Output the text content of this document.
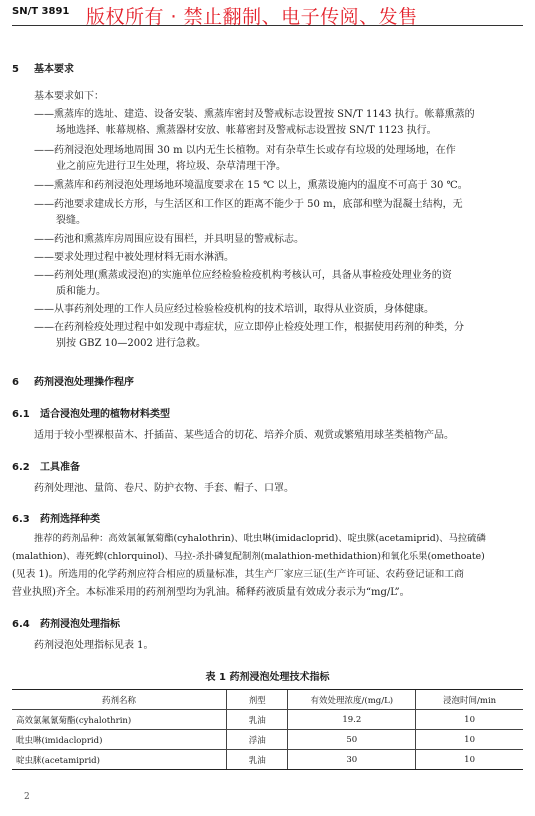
SN/T 3891 版权所有 · 禁止翻制、电子传阅、发售
5 基本要求
基本要求如下：
——熏蒸库的选址、建造、设备安装、熏蒸库密封及警戒标志设置按 SN/T 1143 执行。帐幕熏蒸的
场地选择、帐幕规格、熏蒸器材安放、帐幕密封及警戒标志设置按 SN/T 1123 执行。
——药剂浸泡处理场地周围 30 m 以内无生长植物。对有杂草生长或存有垃圾的处理场地，在作
业之前应先进行卫生处理，将垃圾、杂草清理干净。
——熏蒸库和药剂浸泡处理场地环境温度要求在 15 ℃ 以上，熏蒸设施内的温度不可高于 30 ℃。
——药池要求建成长方形，与生活区和工作区的距离不能少于 50 m，底部和壁为混凝土结构，无
裂缝。
——药池和熏蒸库房周围应设有围栏，并具明显的警戒标志。
——要求处理过程中被处理材料无雨水淋洒。
——药剂处理(熏蒸或浸泡)的实施单位应经检验检疫机构考核认可，具备从事检疫处理业务的资
质和能力。
——从事药剂处理的工作人员应经过检验检疫机构的技术培训，取得从业资质，身体健康。
——在药剂检疫处理过程中如发现中毒症状，应立即停止检疫处理工作，根据使用药剂的种类，分
别按 GBZ 10—2002 进行急救。
6 药剂浸泡处理操作程序
6.1 适合浸泡处理的植物材料类型
适用于较小型裸根苗木、扦插苗、某些适合的切花、培养介质、观赏或繁殖用球茎类植物产品。
6.2 工具准备
药剂处理池、量筒、卷尺、防护衣物、手套、帽子、口罩。
6.3 药剂选择种类
推荐的药剂品种：高效氯氟氰菊酯(cyhalothrin)、吡虫啉(imidacloprid)、啶虫脒(acetamiprid)、马拉硫磷
(malathion)、毒死蜱(chlorquinol)、马拉-杀扑磷复配制剂(malathion-methidathion)和氧化乐果(omethoate)
(见表 1)。所选用的化学药剂应符合相应的质量标准，其生产厂家应三证(生产许可证、农药登记证和工商
营业执照)齐全。本标准采用的药剂剂型均为乳油。稀释药液质量有效成分表示为“mg/L”。
6.4 药剂浸泡处理指标
药剂浸泡处理指标见表 1。
表 1 药剂浸泡处理技术指标
药剂名称	剂型	有效处理浓度/(mg/L)	浸泡时间/min
高效氯氟氰菊酯(cyhalothrin)	乳油	19.2	10
吡虫啉(imidacloprid)	浮油	50	10
啶虫脒(acetamiprid)	乳油	30	10
2
